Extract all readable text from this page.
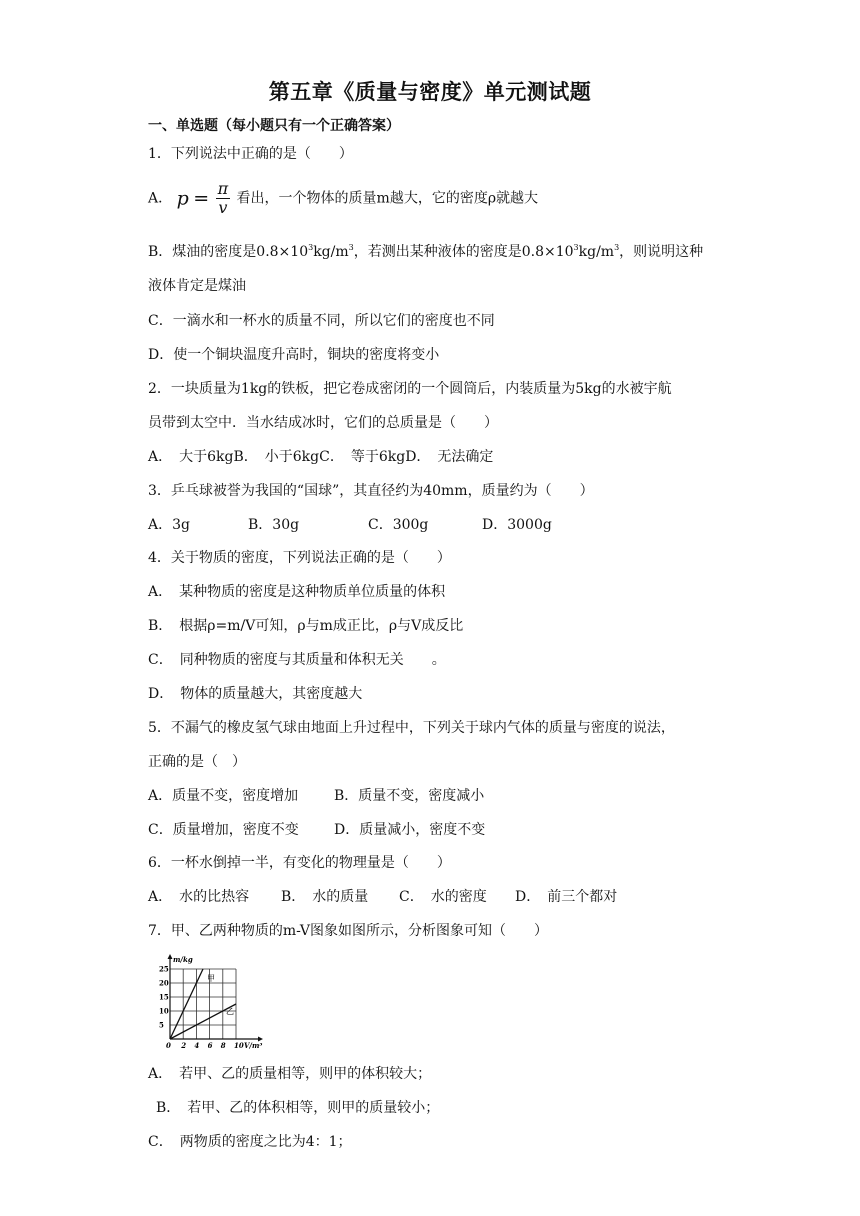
第五章《质量与密度》单元测试题
一、单选题（每小题只有一个正确答案）
1．下列说法中正确的是（　　）
A． $p = \frac{\pi}{v}$ 看出，一个物体的质量m越大，它的密度ρ就越大
B．煤油的密度是$0.8\times 10^3kg/m^3$，若测出某种液体的密度是$0.8\times 10^3kg/m^3$，则说明这种
液体肯定是煤油
C．一滴水和一杯水的质量不同，所以它们的密度也不同
D．使一个铜块温度升高时，铜块的密度将变小
2．一块质量为1kg的铁板，把它卷成密闭的一个圆筒后，内装质量为5kg的水被宇航
员带到太空中．当水结成冰时，它们的总质量是（　　）
A．　大于6kgB．　小于6kgC．　等于6kgD．　无法确定
3．乒乓球被誉为我国的“国球”，其直径约为40mm，质量约为（　　）
A．3g	B．30g	C．300g	D．3000g
4．关于物质的密度，下列说法正确的是（　　）
A．　某种物质的密度是这种物质单位质量的体积
B．　根据ρ=m/V可知，ρ与m成正比，ρ与V成反比
C．　同种物质的密度与其质量和体积无关　　。
D．　物体的质量越大，其密度越大
5．不漏气的橡皮氢气球由地面上升过程中，下列关于球内气体的质量与密度的说法，
正确的是（　）
A．质量不变，密度增加	B．质量不变，密度减小
C．质量增加，密度不变	D．质量减小，密度不变
6．一杯水倒掉一半，有变化的物理量是（　　）
A．　水的比热容 B．　水的质量 C．　水的密度 D．　前三个都对
7．甲、乙两种物质的m-V图象如图所示，分析图象可知（　　）
m/kg
V/m³
0 2 4 6 8 10
5
10
15
20
25
甲
乙
A．　若甲、乙的质量相等，则甲的体积较大；
B．　若甲、乙的体积相等，则甲的质量较小；
C．　两物质的密度之比为4：1；
